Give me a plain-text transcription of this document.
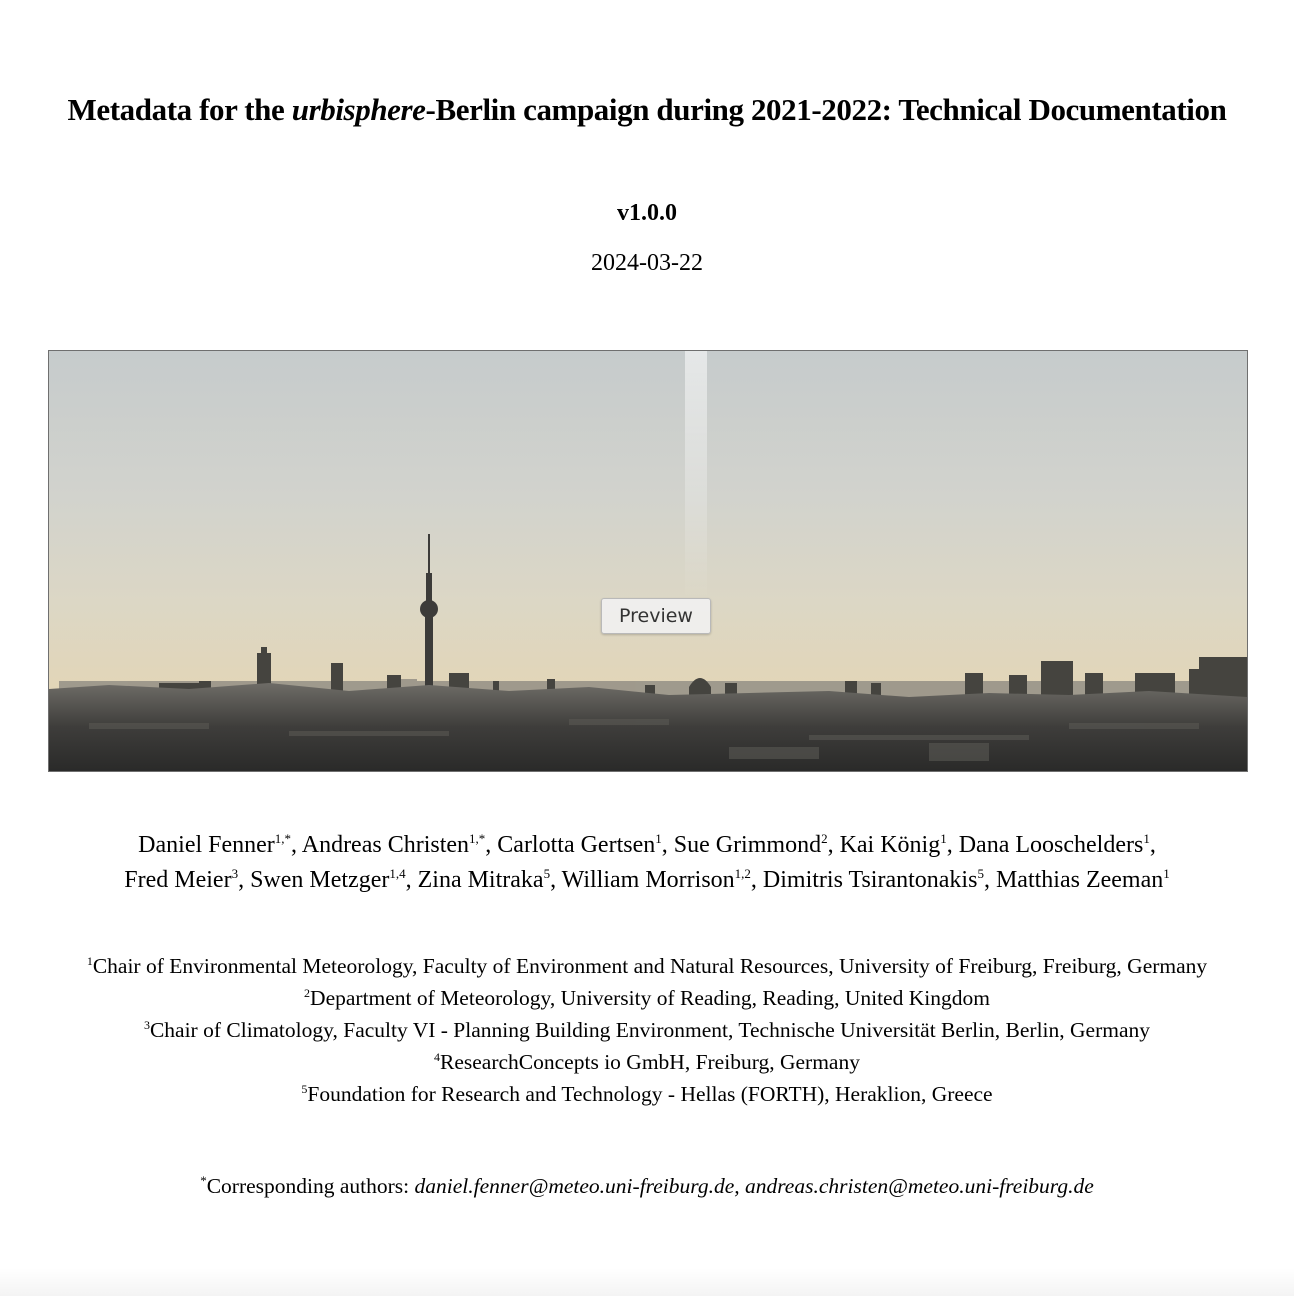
Metadata for the urbisphere-Berlin campaign during 2021-2022: Technical Documentation
v1.0.0
2024-03-22
Preview
Daniel Fenner$^{1,*}$, Andreas Christen$^{1,*}$, Carlotta Gertsen$^1$, Sue Grimmond$^2$, Kai König$^1$, Dana Looschelders$^1$,
Fred Meier$^3$, Swen Metzger$^{1,4}$, Zina Mitraka$^5$, William Morrison$^{1,2}$, Dimitris Tsirantonakis$^5$, Matthias Zeeman$^1$
$^1$Chair of Environmental Meteorology, Faculty of Environment and Natural Resources, University of Freiburg, Freiburg, Germany
$^2$Department of Meteorology, University of Reading, Reading, United Kingdom
$^3$Chair of Climatology, Faculty VI - Planning Building Environment, Technische Universität Berlin, Berlin, Germany
$^4$ResearchConcepts io GmbH, Freiburg, Germany
$^5$Foundation for Research and Technology - Hellas (FORTH), Heraklion, Greece
*Corresponding authors: daniel.fenner@meteo.uni-freiburg.de, andreas.christen@meteo.uni-freiburg.de
